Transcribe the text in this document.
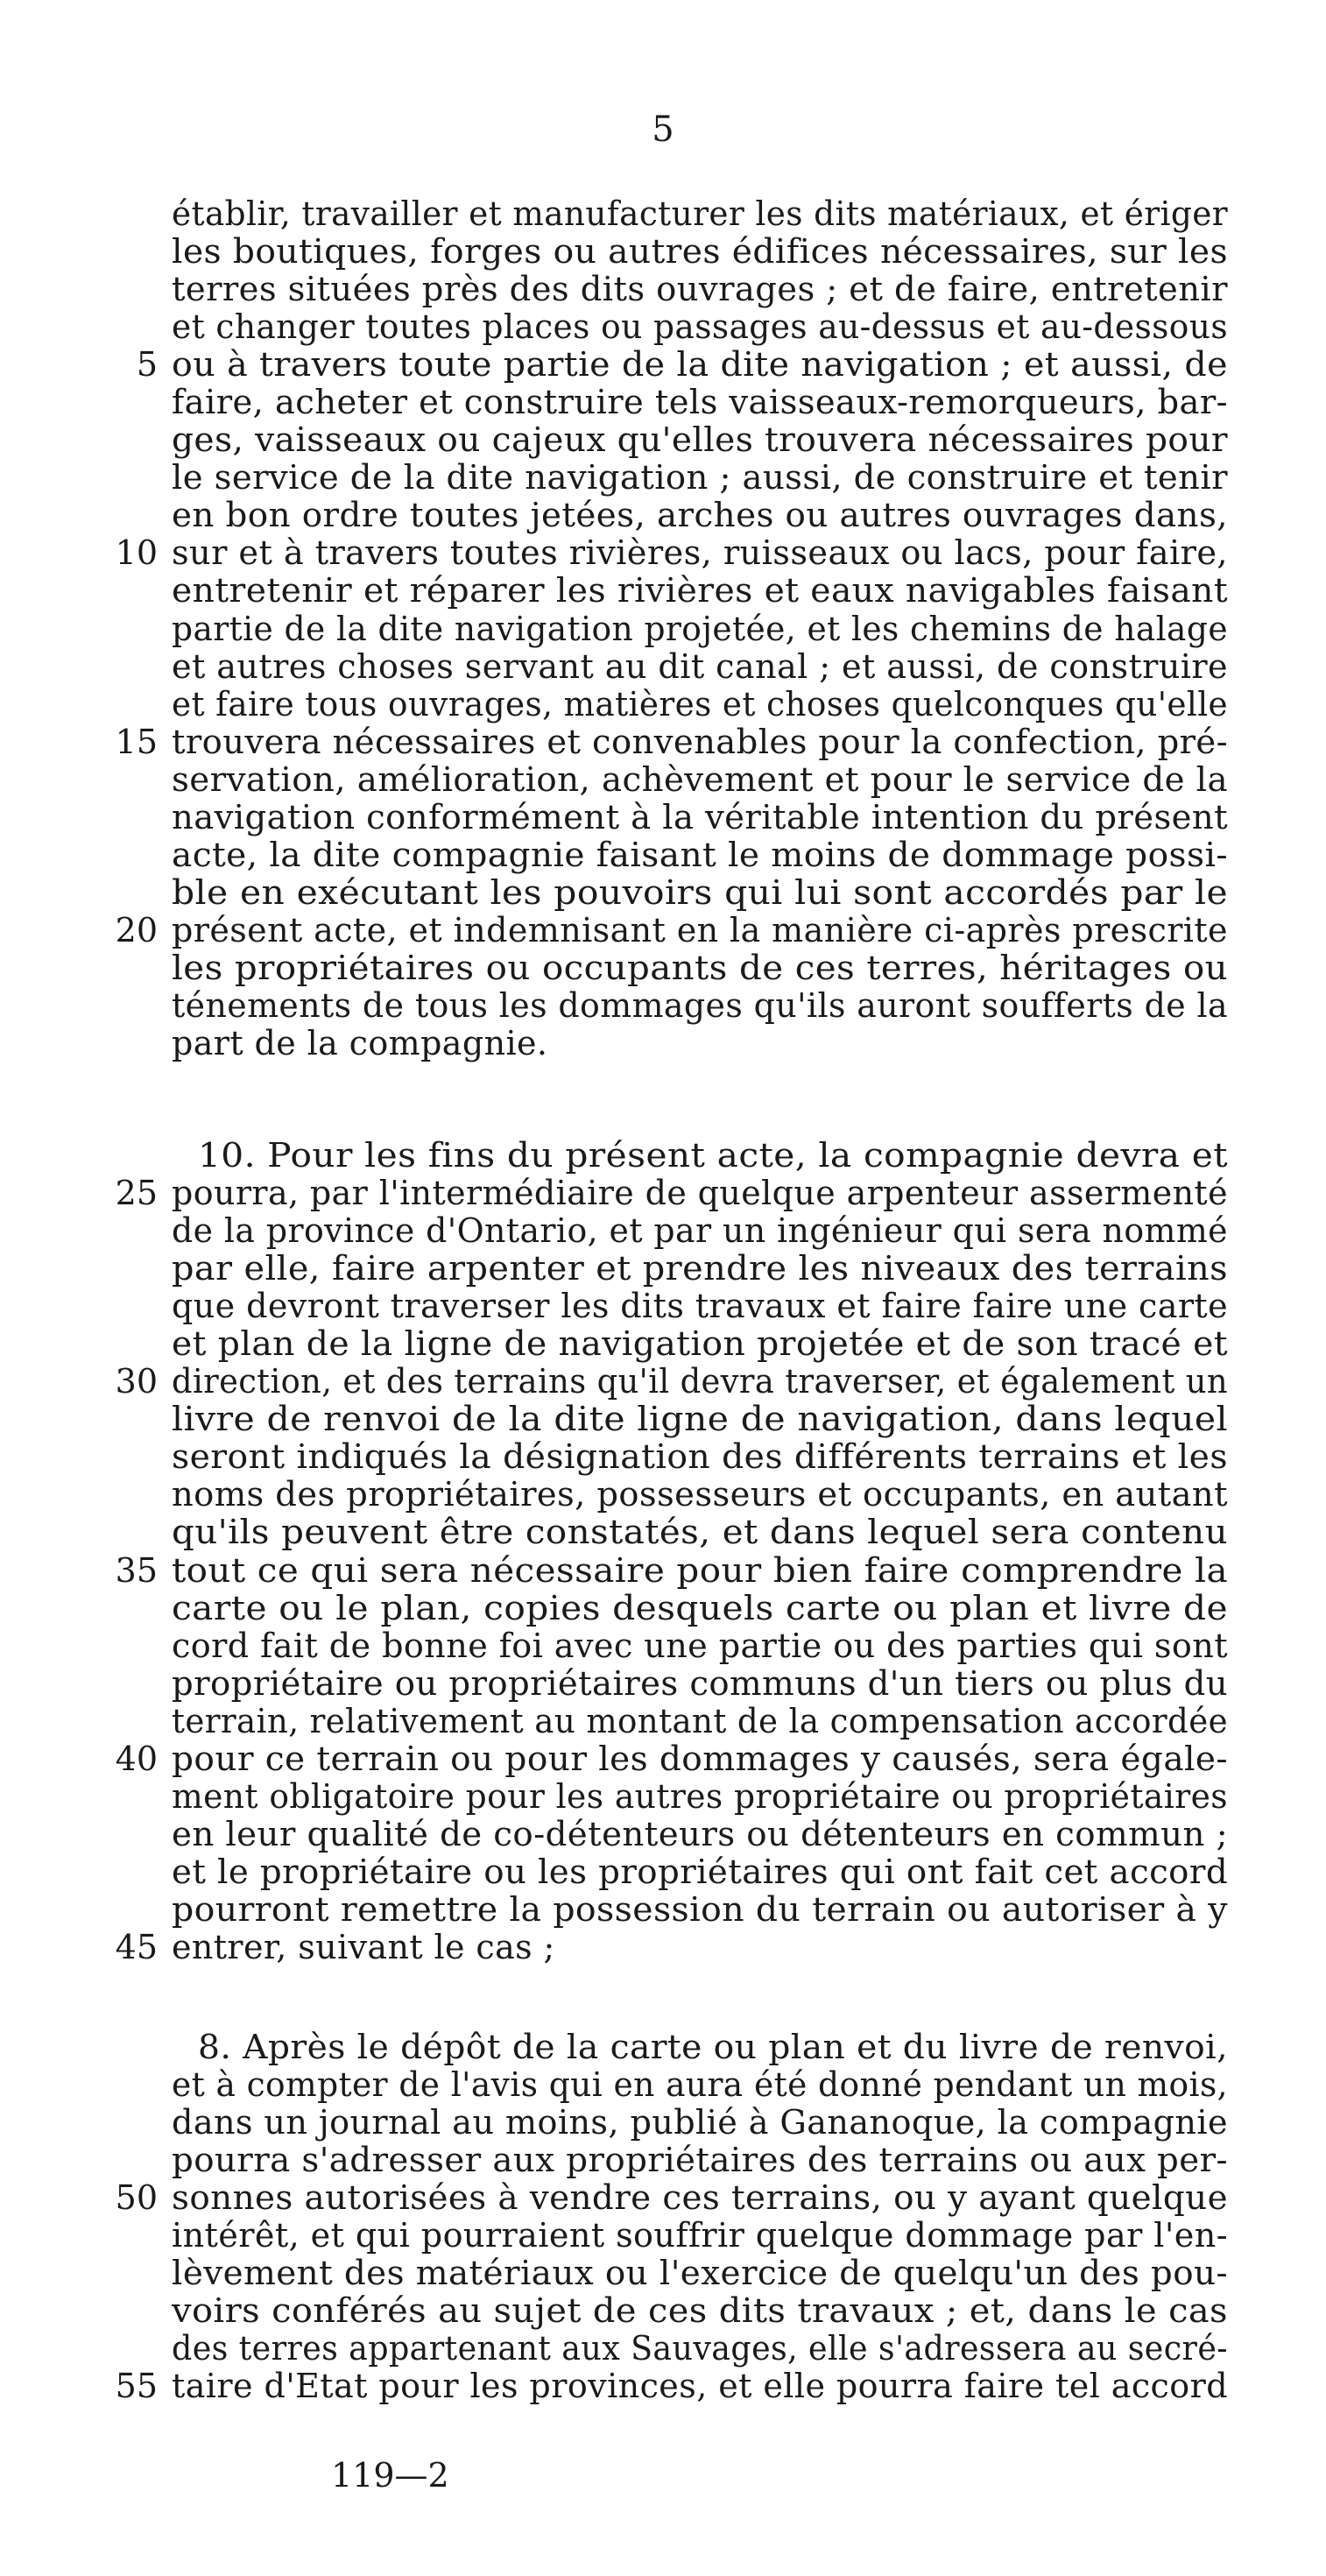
5
établir, travailler et manufacturer les dits matériaux, et ériger
les boutiques, forges ou autres édifices nécessaires, sur les
terres situées près des dits ouvrages ; et de faire, entretenir
et changer toutes places ou passages au-dessus et au-dessous
ou à travers toute partie de la dite navigation ; et aussi, de
5
faire, acheter et construire tels vaisseaux-remorqueurs, bar-
ges, vaisseaux ou cajeux qu'elles trouvera nécessaires pour
le service de la dite navigation ; aussi, de construire et tenir
en bon ordre toutes jetées, arches ou autres ouvrages dans,
sur et à travers toutes rivières, ruisseaux ou lacs, pour faire,
10
entretenir et réparer les rivières et eaux navigables faisant
partie de la dite navigation projetée, et les chemins de halage
et autres choses servant au dit canal ; et aussi, de construire
et faire tous ouvrages, matières et choses quelconques qu'elle
trouvera nécessaires et convenables pour la confection, pré-
15
servation, amélioration, achèvement et pour le service de la
navigation conformément à la véritable intention du présent
acte, la dite compagnie faisant le moins de dommage possi-
ble en exécutant les pouvoirs qui lui sont accordés par le
présent acte, et indemnisant en la manière ci-après prescrite
20
les propriétaires ou occupants de ces terres, héritages ou
ténements de tous les dommages qu'ils auront soufferts de la
part de la compagnie.
10. Pour les fins du présent acte, la compagnie devra et
pourra, par l'intermédiaire de quelque arpenteur assermenté
25
de la province d'Ontario, et par un ingénieur qui sera nommé
par elle, faire arpenter et prendre les niveaux des terrains
que devront traverser les dits travaux et faire faire une carte
et plan de la ligne de navigation projetée et de son tracé et
direction, et des terrains qu'il devra traverser, et également un
30
livre de renvoi de la dite ligne de navigation, dans lequel
seront indiqués la désignation des différents terrains et les
noms des propriétaires, possesseurs et occupants, en autant
qu'ils peuvent être constatés, et dans lequel sera contenu
tout ce qui sera nécessaire pour bien faire comprendre la
35
carte ou le plan, copies desquels carte ou plan et livre de
cord fait de bonne foi avec une partie ou des parties qui sont
propriétaire ou propriétaires communs d'un tiers ou plus du
terrain, relativement au montant de la compensation accordée
pour ce terrain ou pour les dommages y causés, sera égale-
40
ment obligatoire pour les autres propriétaire ou propriétaires
en leur qualité de co-détenteurs ou détenteurs en commun ;
et le propriétaire ou les propriétaires qui ont fait cet accord
pourront remettre la possession du terrain ou autoriser à y
entrer, suivant le cas ;
45
8. Après le dépôt de la carte ou plan et du livre de renvoi,
et à compter de l'avis qui en aura été donné pendant un mois,
dans un journal au moins, publié à Gananoque, la compagnie
pourra s'adresser aux propriétaires des terrains ou aux per-
sonnes autorisées à vendre ces terrains, ou y ayant quelque
50
intérêt, et qui pourraient souffrir quelque dommage par l'en-
lèvement des matériaux ou l'exercice de quelqu'un des pou-
voirs conférés au sujet de ces dits travaux ; et, dans le cas
des terres appartenant aux Sauvages, elle s'adressera au secré-
taire d'Etat pour les provinces, et elle pourra faire tel accord
55
119—2
